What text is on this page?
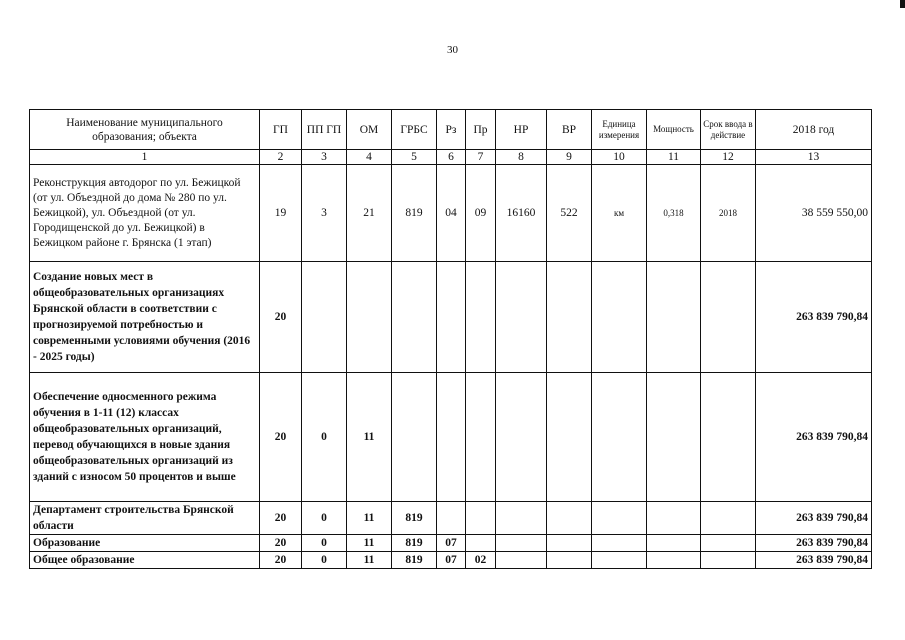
30
Наименование муниципального образования; объекта	ГП	ПП ГП	ОМ	ГРБС	Рз	Пр	НР	ВР	Единица измерения	Мощность	Срок ввода в действие	2018 год
1	2	3	4	5	6	7	8	9	10	11	12	13
Реконструкция автодорог по ул. Бежицкой (от ул. Объездной до дома № 280 по ул. Бежицкой), ул. Объездной (от ул. Городищенской до ул. Бежицкой) в Бежицком районе г. Брянска (1 этап)	19	3	21	819	04	09	16160	522	км	0,318	2018	38 559 550,00
Создание новых мест в общеобразовательных организациях Брянской области в соответствии с прогнозируемой потребностью и современными условиями обучения (2016 - 2025 годы)	20											263 839 790,84
Обеспечение односменного режима обучения в 1-11 (12) классах общеобразовательных организаций, перевод обучающихся в новые здания общеобразовательных организаций из зданий с износом 50 процентов и выше	20	0	11									263 839 790,84
Департамент строительства Брянской области	20	0	11	819								263 839 790,84
Образование	20	0	11	819	07							263 839 790,84
Общее образование	20	0	11	819	07	02						263 839 790,84
